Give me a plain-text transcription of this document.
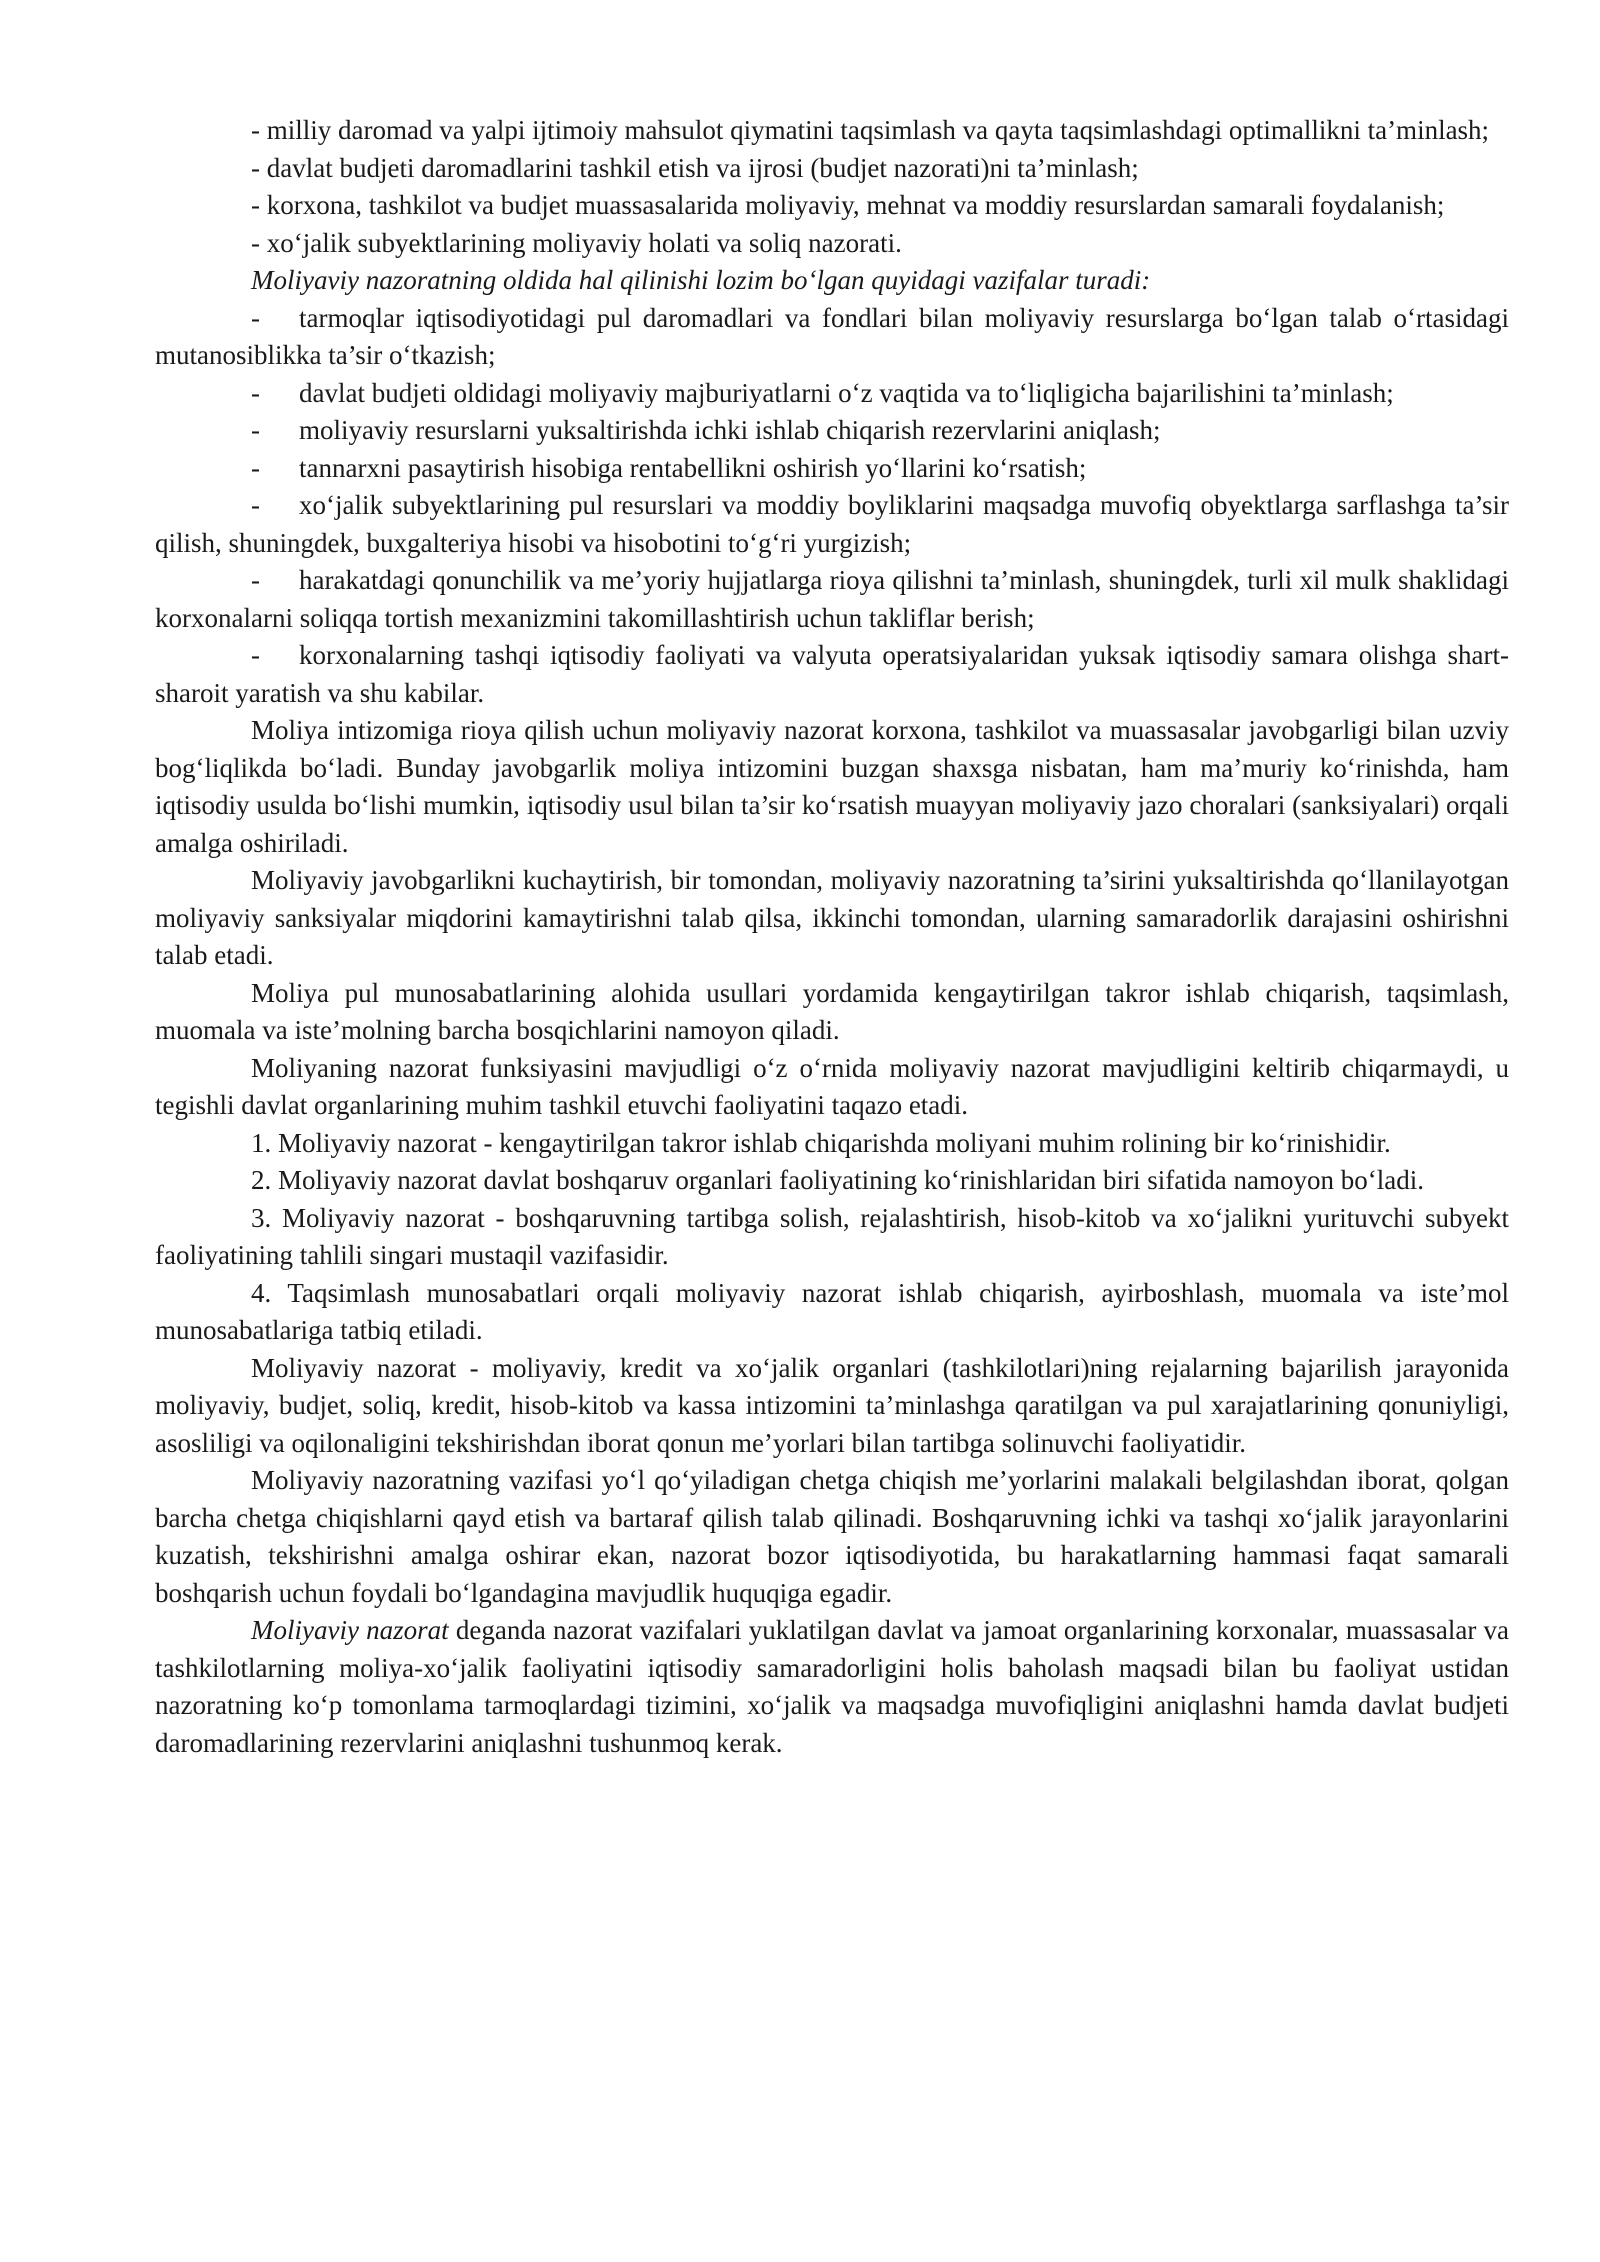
- milliy daromad va yalpi ijtimoiy mahsulot qiymatini taqsimlash va qayta taqsimlashdagi optimallikni ta’minlash;

- davlat budjeti daromadlarini tashkil etish va ijrosi (budjet nazorati)ni ta’minlash;

- korxona, tashkilot va budjet muassasalarida moliyaviy, mehnat va moddiy resurslardan samarali foydalanish;

- xo‘jalik subyektlarining moliyaviy holati va soliq nazorati.

Moliyaviy nazoratning oldida hal qilinishi lozim bo‘lgan quyidagi vazifalar turadi:

- tarmoqlar iqtisodiyotidagi pul daromadlari va fondlari bilan moliyaviy resurslarga bo‘lgan talab o‘rtasidagi mutanosiblikka ta’sir o‘tkazish;

- davlat budjeti oldidagi moliyaviy majburiyatlarni o‘z vaqtida va to‘liqligicha bajarilishini ta’minlash;

- moliyaviy resurslarni yuksaltirishda ichki ishlab chiqarish rezervlarini aniqlash;

- tannarxni pasaytirish hisobiga rentabellikni oshirish yo‘llarini ko‘rsatish;

- xo‘jalik subyektlarining pul resurslari va moddiy boyliklarini maqsadga muvofiq obyektlarga sarflashga ta’sir qilish, shuningdek, buxgalteriya hisobi va hisobotini to‘g‘ri yurgizish;

- harakatdagi qonunchilik va me’yoriy hujjatlarga rioya qilishni ta’minlash, shuningdek, turli xil mulk shaklidagi korxonalarni soliqqa tortish mexanizmini takomillashtirish uchun takliflar berish;

- korxonalarning tashqi iqtisodiy faoliyati va valyuta operatsiyalaridan yuksak iqtisodiy samara olishga shart-sharoit yaratish va shu kabilar.

Moliya intizomiga rioya qilish uchun moliyaviy nazorat korxona, tashkilot va muassasalar javobgarligi bilan uzviy bog‘liqlikda bo‘ladi. Bunday javobgarlik moliya intizomini buzgan shaxsga nisbatan, ham ma’muriy ko‘rinishda, ham iqtisodiy usulda bo‘lishi mumkin, iqtisodiy usul bilan ta’sir ko‘rsatish muayyan moliyaviy jazo choralari (sanksiyalari) orqali amalga oshiriladi.

Moliyaviy javobgarlikni kuchaytirish, bir tomondan, moliyaviy nazoratning ta’sirini yuksaltirishda qo‘llanilayotgan moliyaviy sanksiyalar miqdorini kamaytirishni talab qilsa, ikkinchi tomondan, ularning samaradorlik darajasini oshirishni talab etadi.

Moliya pul munosabatlarining alohida usullari yordamida kengaytirilgan takror ishlab chiqarish, taqsimlash, muomala va iste’molning barcha bosqichlarini namoyon qiladi.

Moliyaning nazorat funksiyasini mavjudligi o‘z o‘rnida moliyaviy nazorat mavjudligini keltirib chiqarmaydi, u tegishli davlat organlarining muhim tashkil etuvchi faoliyatini taqazo etadi.

1. Moliyaviy nazorat - kengaytirilgan takror ishlab chiqarishda moliyani muhim rolining bir ko‘rinishidir.

2. Moliyaviy nazorat davlat boshqaruv organlari faoliyatining ko‘rinishlaridan biri sifatida namoyon bo‘ladi.

3. Moliyaviy nazorat - boshqaruvning tartibga solish, rejalashtirish, hisob-kitob va xo‘jalikni yurituvchi subyekt faoliyatining tahlili singari mustaqil vazifasidir.

4. Taqsimlash munosabatlari orqali moliyaviy nazorat ishlab chiqarish, ayirboshlash, muomala va iste’mol munosabatlariga tatbiq etiladi.

Moliyaviy nazorat - moliyaviy, kredit va xo‘jalik organlari (tashkilotlari)ning rejalarning bajarilish jarayonida moliyaviy, budjet, soliq, kredit, hisob-kitob va kassa intizomini ta’minlashga qaratilgan va pul xarajatlarining qonuniyligi, asosliligi va oqilonaligini tekshirishdan iborat qonun me’yorlari bilan tartibga solinuvchi faoliyatidir.

Moliyaviy nazoratning vazifasi yo‘l qo‘yiladigan chetga chiqish me’yorlarini malakali belgilashdan iborat, qolgan barcha chetga chiqishlarni qayd etish va bartaraf qilish talab qilinadi. Boshqaruvning ichki va tashqi xo‘jalik jarayonlarini kuzatish, tekshirishni amalga oshirar ekan, nazorat bozor iqtisodiyotida, bu harakatlarning hammasi faqat samarali boshqarish uchun foydali bo‘lgandagina mavjudlik huquqiga egadir.

Moliyaviy nazorat deganda nazorat vazifalari yuklatilgan davlat va jamoat organlarining korxonalar, muassasalar va tashkilotlarning moliya-xo‘jalik faoliyatini iqtisodiy samaradorligini holis baholash maqsadi bilan bu faoliyat ustidan nazoratning ko‘p tomonlama tarmoqlardagi tizimini, xo‘jalik va maqsadga muvofiqligini aniqlashni hamda davlat budjeti daromadlarining rezervlarini aniqlashni tushunmoq kerak.
